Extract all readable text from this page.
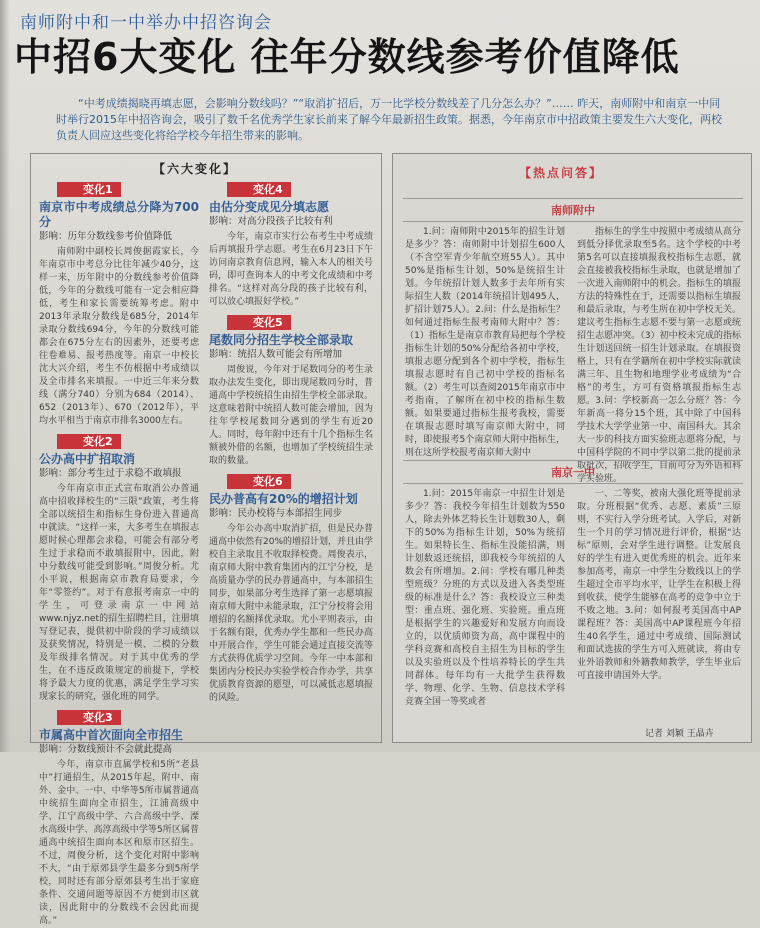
南师附中和一中举办中招咨询会
中招6大变化 往年分数线参考价值降低
“中考成绩揭晓再填志愿，会影响分数线吗？”“取消扩招后，万一比学校分数线差了几分怎么办？”…… 昨天，南师附中和南京一中同时举行2015年中招咨询会，吸引了数千名优秀学生家长前来了解今年最新招生政策。据悉，今年南京市中招政策主要发生六大变化，两校负责人回应这些变化将给学校今年招生带来的影响。
【六大变化】
变化1
南京市中考成绩总分降为700分
影响：历年分数线参考价值降低

南师附中副校长周俊据霞家长，今年南京市中考总分比往年减少40分，这样一来，历年附中的分数线参考价值降低，今年的分数线可能有一定会相应降低，考生和家长需要统筹考虑。附中2013年录取分数线是685分，2014年录取分数线694分，今年的分数线可能都会在675分左右的因素外，还要考虑往卷难易、报考热度等。南京一中校长沈大兴介绍，考生不仿根据中考成绩以及全市排名来填报。一中近三年来分数线（满分740）分别为684（2014）、652（2013年）、670（2012年），平均水平相当于南京市排名3000左右。

变化2
公办高中扩招取消
影响：部分考生过于求稳不敢填报

今年南京市正式宣布取消公办普通高中招收择校生的“三限”政策，考生将全部以统招生和指标生身份进入普通高中就读。“这样一来，大多考生在填报志愿时候心理都会求稳，可能会有部分考生过于求稳而不敢填报附中，因此，附中分数线可能受到影响。”周俊分析。尤小平说，根据南京市教育局要求，今年“零签约”。对于有意报考南京一中的学生，可登录南京一中网站www.njyz.net的招生招聘栏目，注册填写登记表，提供初中阶段的学习成绩以及获奖情况，特别是一模、二模的分数及年级排名情况。对于其中优秀的学生，在不违反政策规定的前提下，学校将予最大力度的优惠，满足学生学习实现家长的研究，强化班的同学。

变化3
市属高中首次面向全市招生
影响：分数线预计不会就此提高

今年，南京市直属学校和5所“老县中”打通招生，从2015年起，附中、南外、金中、一中、中华等5所市属普通高中统招生面向全市招生，江浦高级中学、江宁高级中学、六合高级中学、溧水高级中学、高淳高级中学等5所区属普通高中统招生面向本区和原市区招生。不过，周俊分析，这个变化对附中影响不大，“由于原郊县学生最多分到5所学校，同时还有部分原郊县考生出于家庭条件、交通问题等原因不方便到市区就读，因此附中的分数线不会因此而提高。”

变化4
由估分变成见分填志愿
影响：对高分段孩子比较有利

今年，南京市实行公布考生中考成绩后再填报升学志愿。考生在6月23日下午访问南京教育信息网，输入本人的相关号码，即可查询本人的中考文化成绩和中考排名。“这样对高分段的孩子比较有利，可以放心填报好学校。”

变化5
尾数同分招生学校全部录取
影响：统招人数可能会有所增加

周俊说，今年对于尾数同分的考生录取办法发生变化，即出现尾数同分时，普通高中学校统招生由招生学校全部录取。这意味着附中统招人数可能会增加，因为往年学校尾数同分遇到的学生有近20人。同时，每年附中还有十几个指标生名额被外借的名额，也增加了学校统招生录取的数量。

变化6
民办普高有20%的增招计划
影响：民办校将与本部招生同步

今年公办高中取消扩招，但是民办普通高中依然有20%的增招计划，并且由学校自主录取且不收取择校费。周俊表示，南京师大附中教育集团内的江宁分校，是高质量办学的民办普通高中，与本部招生同步，如果部分考生选择了第一志愿填报南京师大附中未能录取，江宁分校将会用增招的名额择优录取。尤小平则表示，由于名额有限，优秀办学生都和一些民办高中开展合作，学生可能会通过直接交流等方式获得优质学习空间。今年一中本部和集团内分校民办实验学校合作办学，共享优质教育资源的愿望，可以减低志愿填报的风险。

【热点问答】
南师附中
1.问：南师附中2015年的招生计划是多少？答：南师附中计划招生600人（不含空军青少年航空班55人）。其中50%是指标生计划，50%是统招生计划。今年统招计划人数多于去年所有实际招生人数（2014年统招计划495人，扩招计划75人）。2.问：什么是指标生？如何通过指标生报考南师大附中？答：（1）指标生是南京市教育局把每个学校指标生计划的50%分配给各初中学校，填报志愿分配到各个初中学校，指标生填报志愿时有自己初中学校的指标名额。（2）考生可以查阅2015年南京市中考指南，了解所在初中校的指标生数额。如果要通过指标生报考我校，需要在填报志愿时填写南京师大附中，同时，即使报考5个南京师大附中指标生，则在这所学校报考南京师大附中
指标生的学生中按照中考成绩从高分到低分择优录取至5名。这个学校的中考第5名可以直接填报我校指标生志愿，就会直接被我校指标生录取，也就是增加了一次进入南师附中的机会。指标生的填报方法的特殊性在于，还需要以指标生填报和最后录取，与考生所在初中学校无关。建议考生指标生志愿不要与第一志愿或统招生志愿冲突。（3）初中校未完成的指标生计划送回统一招生计划录取。在填报资格上，只有在学籍所在初中学校实际就读满三年、且生物和地理学业考成绩为“合格”的考生，方可有资格填报指标生志愿。3.问：学校新高一怎么分班？答：今年新高一将分15个班，其中除了中国科学技术大学学业第一中、南国科大。其余大一步的科技方面实验班志愿将分配，与中国科学院的不同中学以第二批的提前录取批次，招收学生，目前可分为外语和科学实验班。
南京一中
1.问：2015年南京一中招生计划是多少？答：我校今年招生计划数为550人，除去外体艺特长生计划数30人，剩下的50%为指标生计划，50%为统招生。如果特长生、指标生没能招满，则计划数返还统招，即我校今年统招的人数会有所增加。2.问：学校有哪几种类型班级？分班的方式以及进入各类型班级的标准是什么？答：我校设立三种类型：重点班、强化班、实验班。重点班是根据学生的兴趣爱好和发展方向而设立的，以优质师资为高，高中课程中的学科竞赛和高校自主招生为目标的学生以及实验班以及个性培养特长的学生共同群体。每年均有一大批学生获得数学、物理、化学、生物、信息技术学科竞赛全国一等奖或者
一、二等奖，被南大强化班等提前录取。分班根据“优秀、志愿、素质”三原则，不实行入学分班考试。入学后，对新生一个月的学习情况进行评价，根据“达标”原则，会对学生进行调整。让发展良好的学生有进入更优秀班的机会。近年来参加高考，南京一中学生分数线以上的学生超过全市平均水平，让学生在积极上得到收获，使学生能够在高考的竞争中立于不败之地。3.问：如何报考美国高中AP课程班？答：美国高中AP课程班今年招生40名学生，通过中考成绩、国际测试和面试选拔的学生方可入班就读，将由专业外语教师和外籍教师教学，学生毕业后可直接申请国外大学。
记者 刘颖 王晶卉
